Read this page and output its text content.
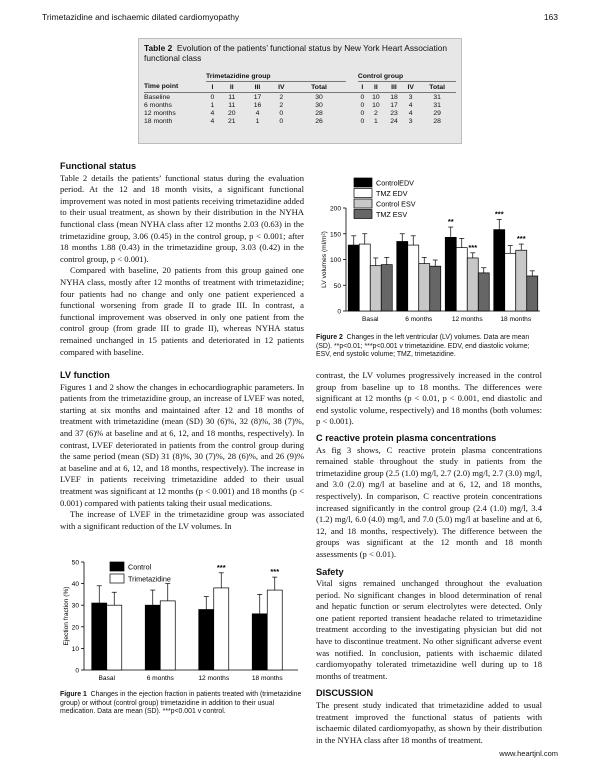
Trimetazidine and ischaemic dilated cardiomyopathy	163
Table 2 Evolution of the patients’ functional status by New York Heart Association functional class
	Trimetazidine group						Control group				
Time point	I	II	III	IV	Total		I	II	III	IV	Total
Baseline	0	11	17	2	30		0	10	18	3	31
6 months	1	11	16	2	30		0	10	17	4	31
12 months	4	20	4	0	28		0	2	23	4	29
18 month	4	21	1	0	26		0	1	24	3	28
Functional status

Table 2 details the patients’ functional status during the evaluation period. At the 12 and 18 month visits, a significant functional improvement was noted in most patients receiving trimetazidine added to their usual treatment, as shown by their distribution in the NYHA functional class (mean NYHA class after 12 months 2.03 (0.63) in the trimetazidine group, 3.06 (0.45) in the control group, p < 0.001; after 18 months 1.88 (0.43) in the trimetazidine group, 3.03 (0.42) in the control group, p < 0.001).

Compared with baseline, 20 patients from this group gained one NYHA class, mostly after 12 months of treatment with trimetazidine; four patients had no change and only one patient experienced a functional worsening from grade II to grade III. In contrast, a functional improvement was observed in only one patient from the control group (from grade III to grade II), whereas NYHA status remained unchanged in 15 patients and deteriorated in 12 patients compared with baseline.

LV function

Figures 1 and 2 show the changes in echocardiographic parameters. In patients from the trimetazidine group, an increase of LVEF was noted, starting at six months and maintained after 12 and 18 months of treatment with trimetazidine (mean (SD) 30 (6)%, 32 (8)%, 38 (7)%, and 37 (6)% at baseline and at 6, 12, and 18 months, respectively). In contrast, LVEF deteriorated in patients from the control group during the same period (mean (SD) 31 (8)%, 30 (7)%, 28 (6)%, and 26 (9)% at baseline and at 6, 12, and 18 months, respectively). The increase in LVEF in patients receiving trimetazidine added to their usual treatment was significant at 12 months (p < 0.001) and 18 months (p < 0.001) compared with patients taking their usual medications.

The increase of LVEF in the trimetazidine group was associated with a significant reduction of the LV volumes. In

0
10
20
30
40
50
Ejection fraction (%)
Basal	6 months	12 months	18 months
***	***
Control
Trimetazidine
Figure 1 Changes in the ejection fraction in patients treated with (trimetazidine group) or without (control group) trimetazidine in addition to their usual medication. Data are mean (SD). ***p<0.001 v control.
0
50
100
150
200
LV volumes (ml/m²)
Basal	6 months	12 months	18 months
**
***
***
***
ControlEDV
TMZ EDV
Control ESV
TMZ ESV
Figure 2 Changes in the left ventricular (LV) volumes. Data are mean (SD). **p<0.01; ***p<0.001 v trimetazidine. EDV, end diastolic volume; ESV, end systolic volume; TMZ, trimetazidine.

contrast, the LV volumes progressively increased in the control group from baseline up to 18 months. The differences were significant at 12 months (p < 0.01, p < 0.001, end diastolic and end systolic volume, respectively) and 18 months (both volumes: p < 0.001).

C reactive protein plasma concentrations

As fig 3 shows, C reactive protein plasma concentrations remained stable throughout the study in patients from the trimetazidine group (2.5 (1.0) mg/l, 2.7 (2.0) mg/l, 2.7 (3.0) mg/l, and 3.0 (2.0) mg/l at baseline and at 6, 12, and 18 months, respectively). In comparison, C reactive protein concentrations increased significantly in the control group (2.4 (1.0) mg/l, 3.4 (1.2) mg/l, 6.0 (4.0) mg/l, and 7.0 (5.0) mg/l at baseline and at 6, 12, and 18 months, respectively). The difference between the groups was significant at the 12 month and 18 month assessments (p < 0.01).

Safety

Vital signs remained unchanged throughout the evaluation period. No significant changes in blood determination of renal and hepatic function or serum electrolytes were detected. Only one patient reported transient headache related to trimetazidine treatment according to the investigating physician but did not have to discontinue treatment. No other significant adverse event was notified. In conclusion, patients with ischaemic dilated cardiomyopathy tolerated trimetazidine well during up to 18 months of treatment.

DISCUSSION

The present study indicated that trimetazidine added to usual treatment improved the functional status of patients with ischaemic dilated cardiomyopathy, as shown by their distribution in the NYHA class after 18 months of treatment.

www.heartjnl.com
